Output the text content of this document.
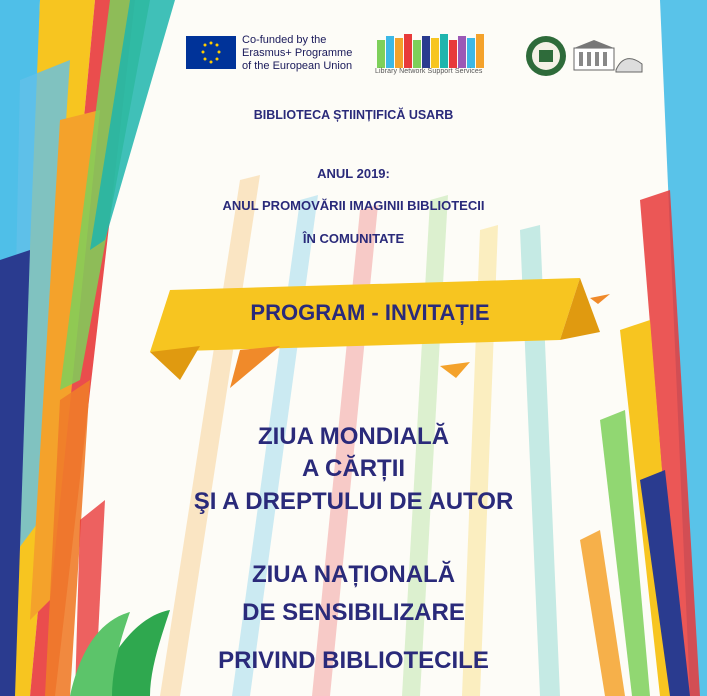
Co-funded by the
Erasmus+ Programme
of the European Union	Library Network Support Services
BIBLIOTECA ȘTIINȚIFICĂ USARB
ANUL 2019:
ANUL PROMOVĂRII IMAGINII BIBLIOTECII
ÎN COMUNITATE
PROGRAM - INVITAȚIE
ZIUA MONDIALĂ
A CĂRȚII
ŞI A DREPTULUI DE AUTOR
ZIUA NAȚIONALĂ
DE SENSIBILIZARE
PRIVIND BIBLIOTECILE
